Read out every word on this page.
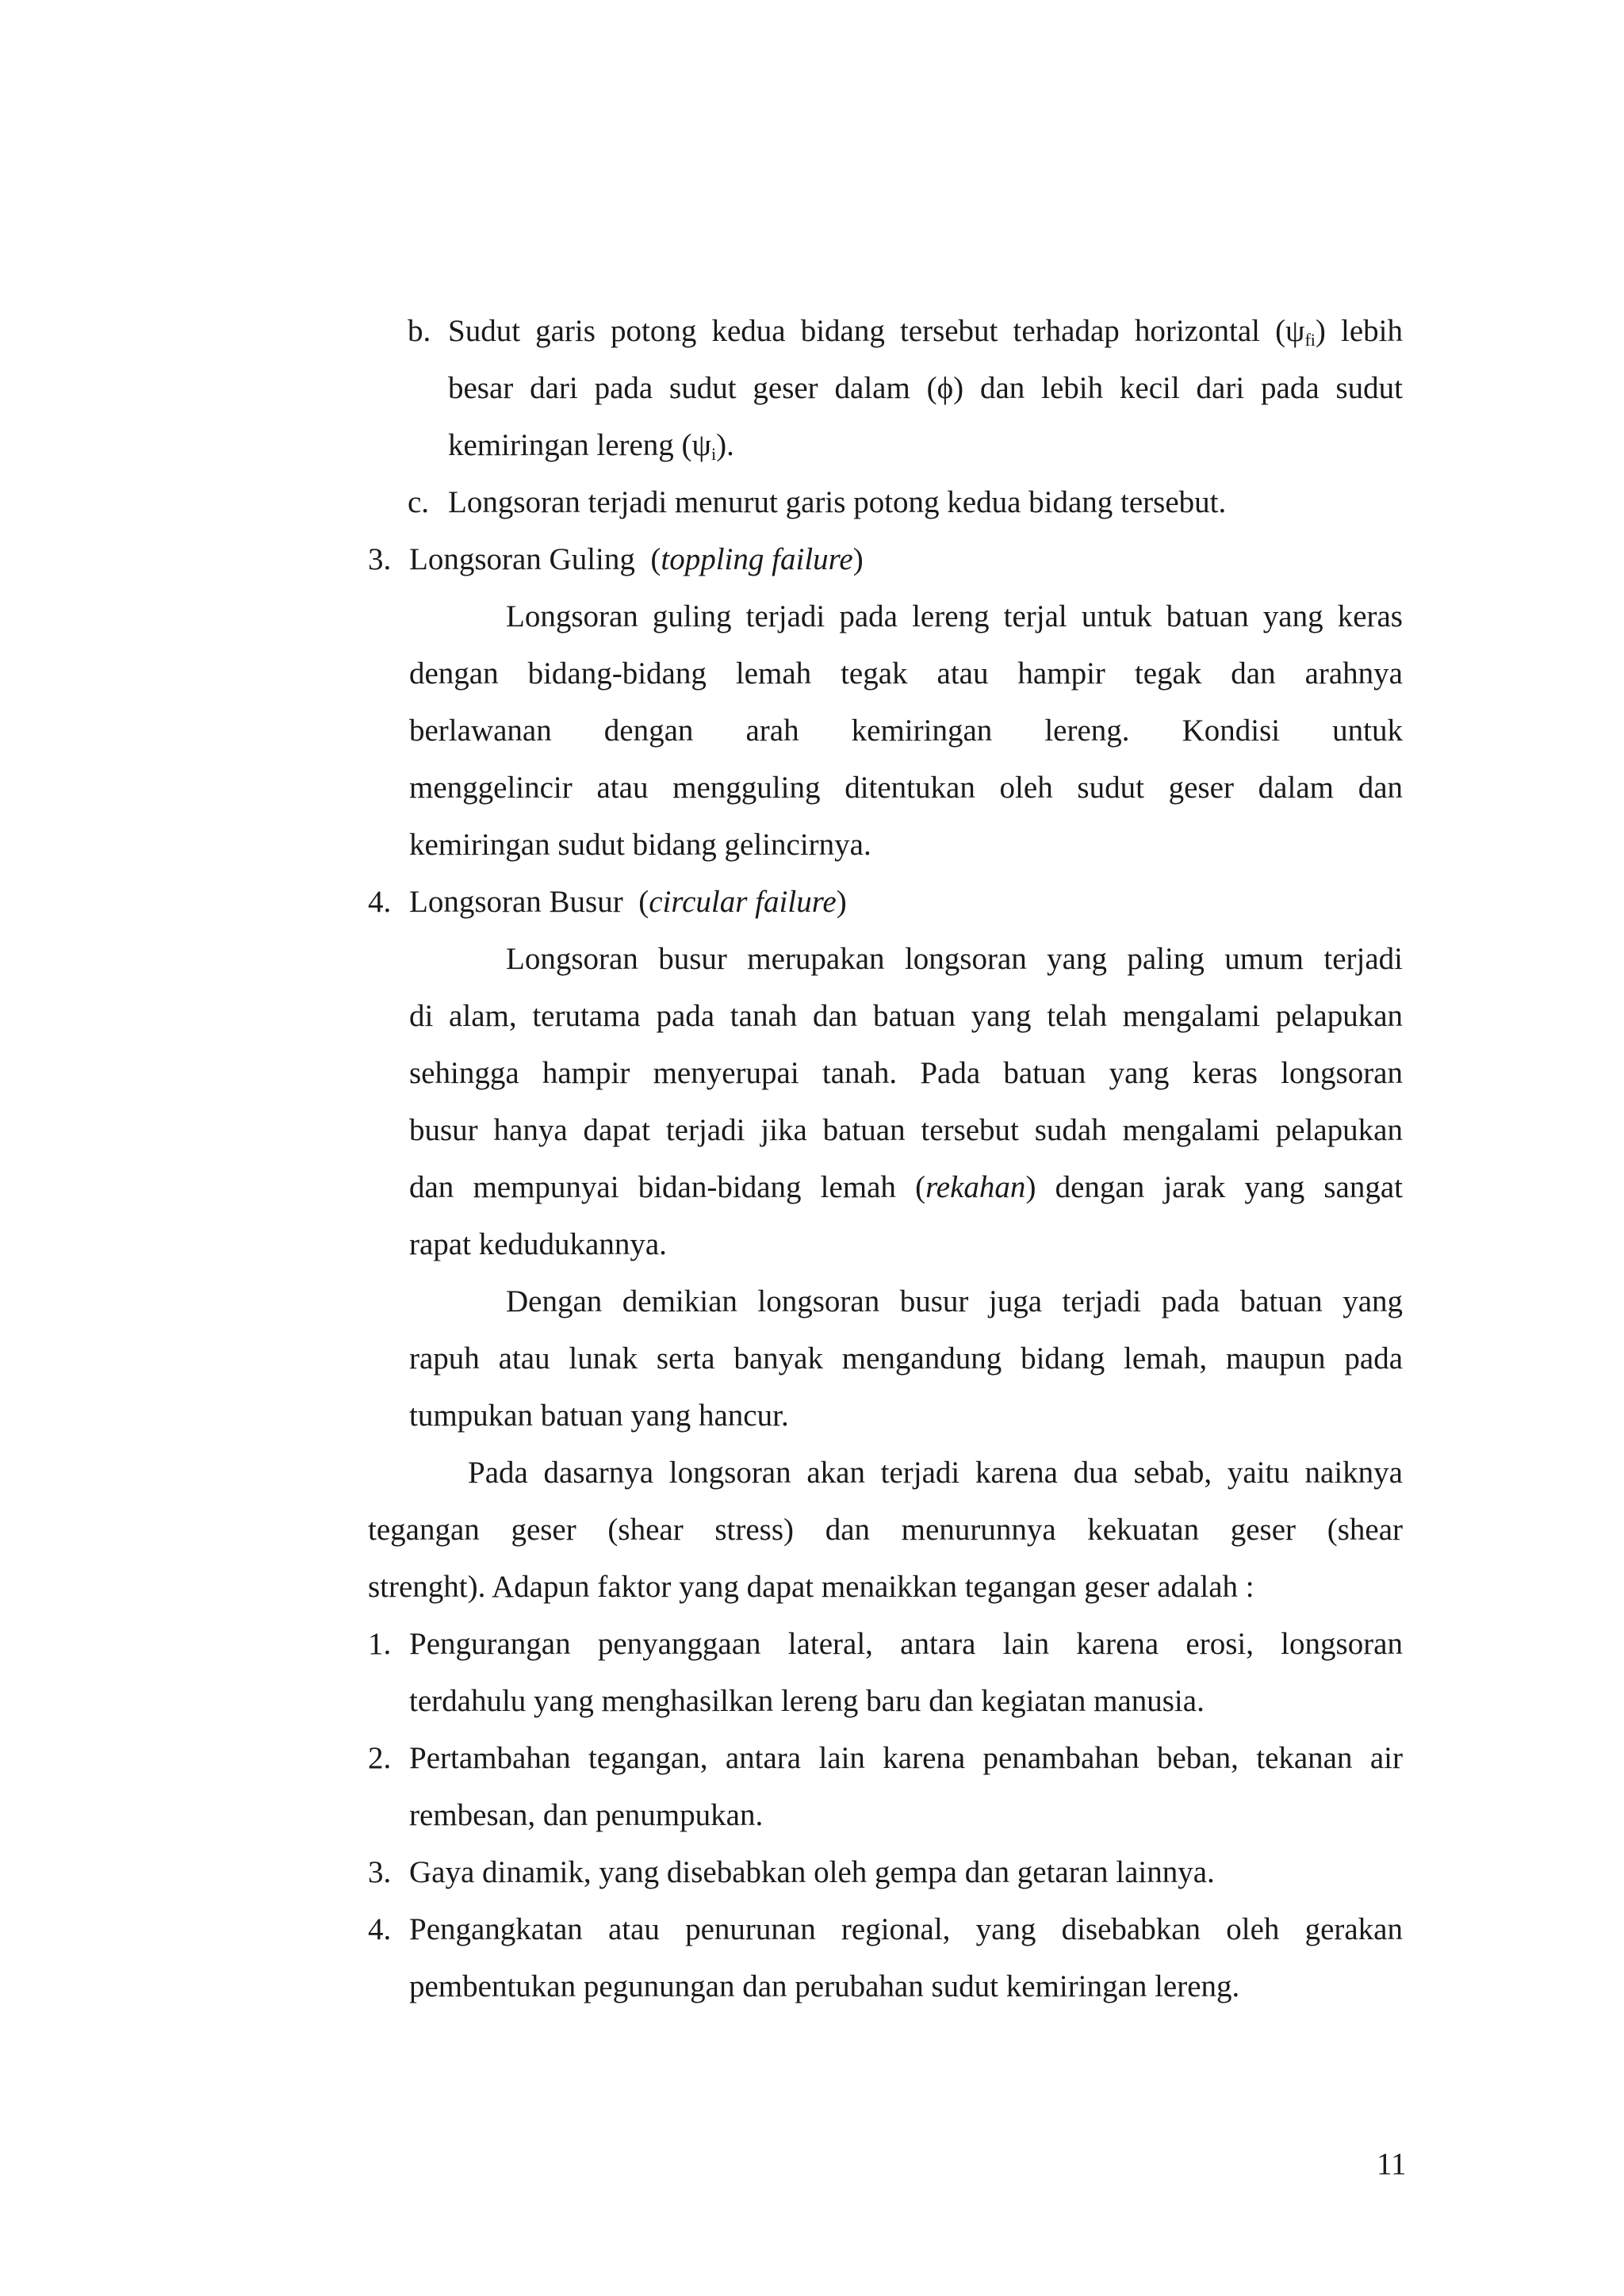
b. Sudut garis potong kedua bidang tersebut terhadap horizontal $(\psi_{fi})$ lebih
besar dari pada sudut geser dalam (ϕ) dan lebih kecil dari pada sudut
kemiringan lereng $(\psi_i)$.
c. Longsoran terjadi menurut garis potong kedua bidang tersebut.
3. Longsoran Guling  (toppling failure)
Longsoran guling terjadi pada lereng terjal untuk batuan yang keras
dengan bidang-bidang lemah tegak atau hampir tegak dan arahnya
berlawanan dengan arah kemiringan lereng. Kondisi untuk
menggelincir atau mengguling ditentukan oleh sudut geser dalam dan
kemiringan sudut bidang gelincirnya.
4. Longsoran Busur  (circular failure)
Longsoran busur merupakan longsoran yang paling umum terjadi
di alam, terutama pada tanah dan batuan yang telah mengalami pelapukan
sehingga hampir menyerupai tanah. Pada batuan yang keras longsoran
busur hanya dapat terjadi jika batuan tersebut sudah mengalami pelapukan
dan mempunyai bidan-bidang lemah (rekahan) dengan jarak yang sangat
rapat kedudukannya.
Dengan demikian longsoran busur juga terjadi pada batuan yang
rapuh atau lunak serta banyak mengandung bidang lemah, maupun pada
tumpukan batuan yang hancur.
Pada dasarnya longsoran akan terjadi karena dua sebab, yaitu naiknya
tegangan geser (shear stress) dan menurunnya kekuatan geser (shear
strenght). Adapun faktor yang dapat menaikkan tegangan geser adalah :
1. Pengurangan penyanggaan lateral, antara lain karena erosi, longsoran
terdahulu yang menghasilkan lereng baru dan kegiatan manusia.
2. Pertambahan tegangan, antara lain karena penambahan beban, tekanan air
rembesan, dan penumpukan.
3. Gaya dinamik, yang disebabkan oleh gempa dan getaran lainnya.
4. Pengangkatan atau penurunan regional, yang disebabkan oleh gerakan
pembentukan pegunungan dan perubahan sudut kemiringan lereng.
11
